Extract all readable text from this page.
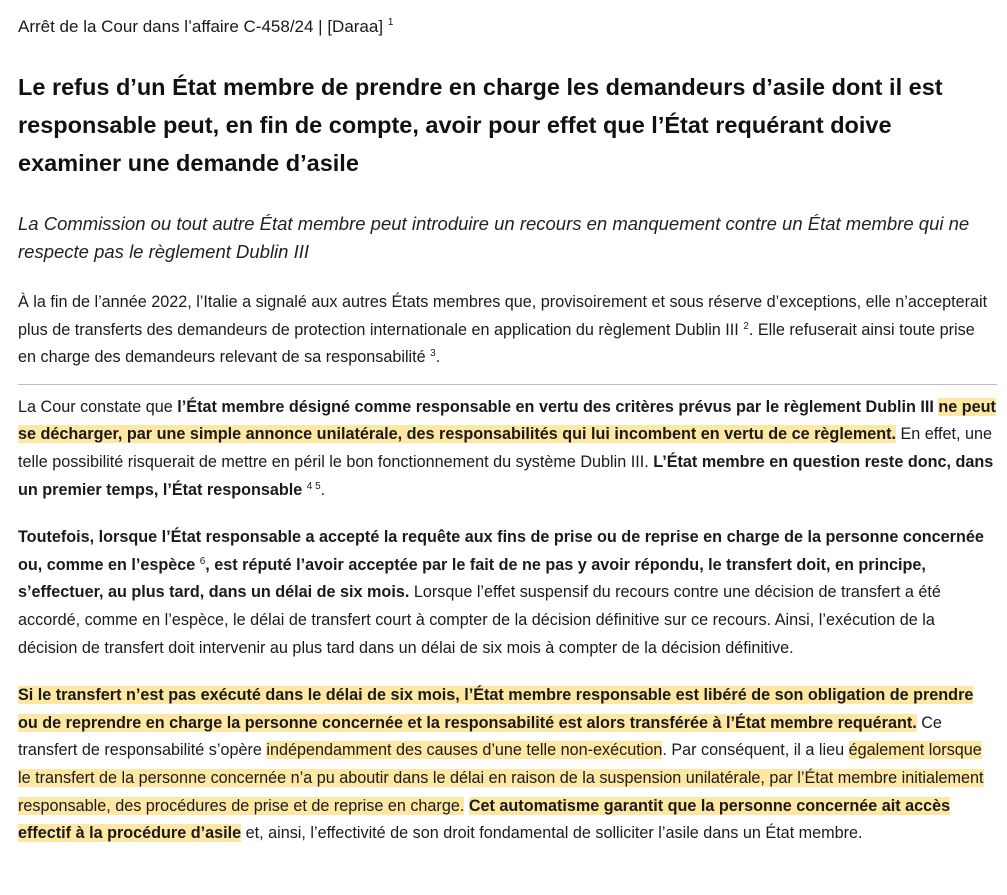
Arrêt de la Cour dans l’affaire C-458/24 | [Daraa] $^1$
Le refus d’un État membre de prendre en charge les demandeurs d’asile dont il est responsable peut, en fin de compte, avoir pour effet que l’État requérant doive examiner une demande d’asile
La Commission ou tout autre État membre peut introduire un recours en manquement contre un État membre qui ne respecte pas le règlement Dublin III

À la fin de l’année 2022, l’Italie a signalé aux autres États membres que, provisoirement et sous réserve d’exceptions, elle n’accepterait plus de transferts des demandeurs de protection internationale en application du règlement Dublin III $^2$. Elle refuserait ainsi toute prise en charge des demandeurs relevant de sa responsabilité $^3$.

La Cour constate que l’État membre désigné comme responsable en vertu des critères prévus par le règlement Dublin III ne peut se décharger, par une simple annonce unilatérale, des responsabilités qui lui incombent en vertu de ce règlement. En effet, une telle possibilité risquerait de mettre en péril le bon fonctionnement du système Dublin III. L’État membre en question reste donc, dans un premier temps, l’État responsable $^{4 5}$.

Toutefois, lorsque l’État responsable a accepté la requête aux fins de prise ou de reprise en charge de la personne concernée ou, comme en l’espèce $^6$, est réputé l’avoir acceptée par le fait de ne pas y avoir répondu, le transfert doit, en principe, s’effectuer, au plus tard, dans un délai de six mois. Lorsque l’effet suspensif du recours contre une décision de transfert a été accordé, comme en l’espèce, le délai de transfert court à compter de la décision définitive sur ce recours. Ainsi, l’exécution de la décision de transfert doit intervenir au plus tard dans un délai de six mois à compter de la décision définitive.

Si le transfert n’est pas exécuté dans le délai de six mois, l’État membre responsable est libéré de son obligation de prendre ou de reprendre en charge la personne concernée et la responsabilité est alors transférée à l’État membre requérant. Ce transfert de responsabilité s’opère indépendamment des causes d’une telle non-exécution. Par conséquent, il a lieu également lorsque le transfert de la personne concernée n’a pu aboutir dans le délai en raison de la suspension unilatérale, par l’État membre initialement responsable, des procédures de prise et de reprise en charge. Cet automatisme garantit que la personne concernée ait accès effectif à la procédure d’asile et, ainsi, l’effectivité de son droit fondamental de solliciter l’asile dans un État membre.
